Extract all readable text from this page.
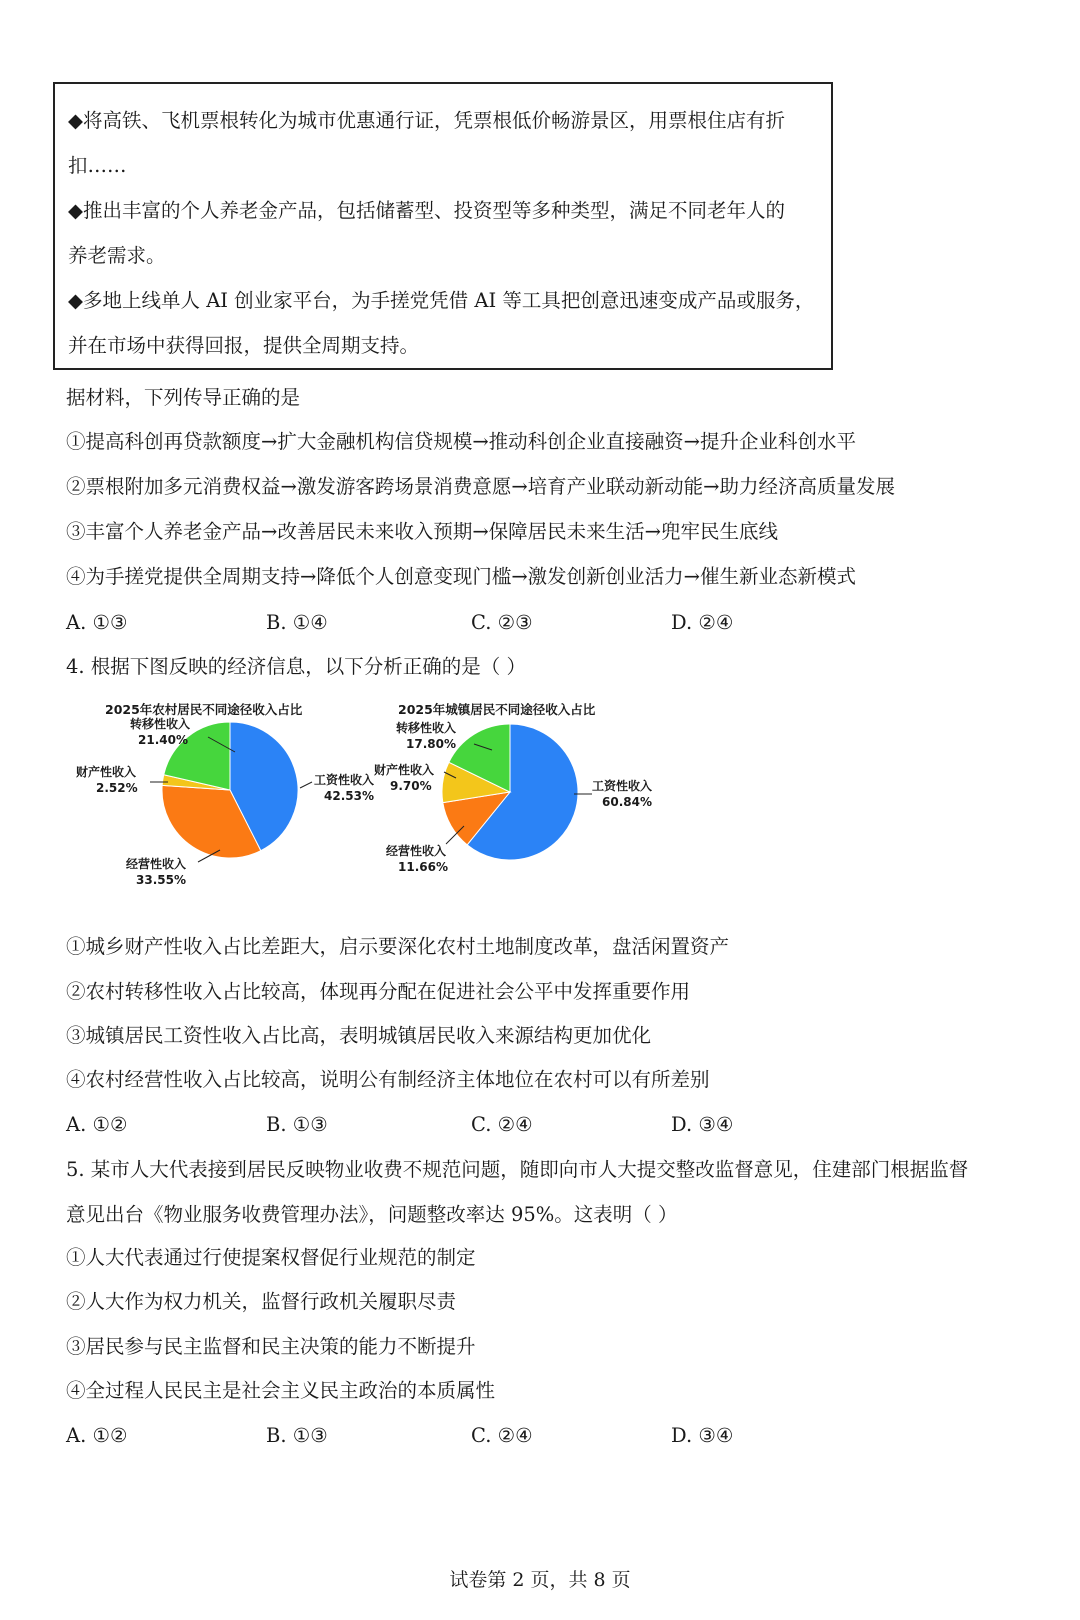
◆将高铁、飞机票根转化为城市优惠通行证，凭票根低价畅游景区，用票根住店有折

扣……

◆推出丰富的个人养老金产品，包括储蓄型、投资型等多种类型，满足不同老年人的

养老需求。

◆多地上线单人 AI 创业家平台，为手搓党凭借 AI 等工具把创意迅速变成产品或服务，

并在市场中获得回报，提供全周期支持。

据材料，下列传导正确的是
①提高科创再贷款额度→扩大金融机构信贷规模→推动科创企业直接融资→提升企业科创水平
②票根附加多元消费权益→激发游客跨场景消费意愿→培育产业联动新动能→助力经济高质量发展
③丰富个人养老金产品→改善居民未来收入预期→保障居民未来生活→兜牢民生底线
④为手搓党提供全周期支持→降低个人创意变现门槛→激发创新创业活力→催生新业态新模式
A. ①③	B. ①④	C. ②③	D. ②④
4. 根据下图反映的经济信息，以下分析正确的是（ ）
2025年农村居民不同途径收入占比
转移性收入
21.40%
工资性收入
42.53%
财产性收入
2.52%
经营性收入
33.55%
2025年城镇居民不同途径收入占比
转移性收入
17.80%
工资性收入
60.84%
财产性收入
9.70%
经营性收入
11.66%
①城乡财产性收入占比差距大，启示要深化农村土地制度改革，盘活闲置资产
②农村转移性收入占比较高，体现再分配在促进社会公平中发挥重要作用
③城镇居民工资性收入占比高，表明城镇居民收入来源结构更加优化
④农村经营性收入占比较高，说明公有制经济主体地位在农村可以有所差别
A. ①②	B. ①③	C. ②④	D. ③④
5. 某市人大代表接到居民反映物业收费不规范问题，随即向市人大提交整改监督意见，住建部门根据监督
意见出台《物业服务收费管理办法》，问题整改率达 95%。这表明（ ）
①人大代表通过行使提案权督促行业规范的制定
②人大作为权力机关，监督行政机关履职尽责
③居民参与民主监督和民主决策的能力不断提升
④全过程人民民主是社会主义民主政治的本质属性
A. ①②	B. ①③	C. ②④	D. ③④
试卷第 2 页，共 8 页
